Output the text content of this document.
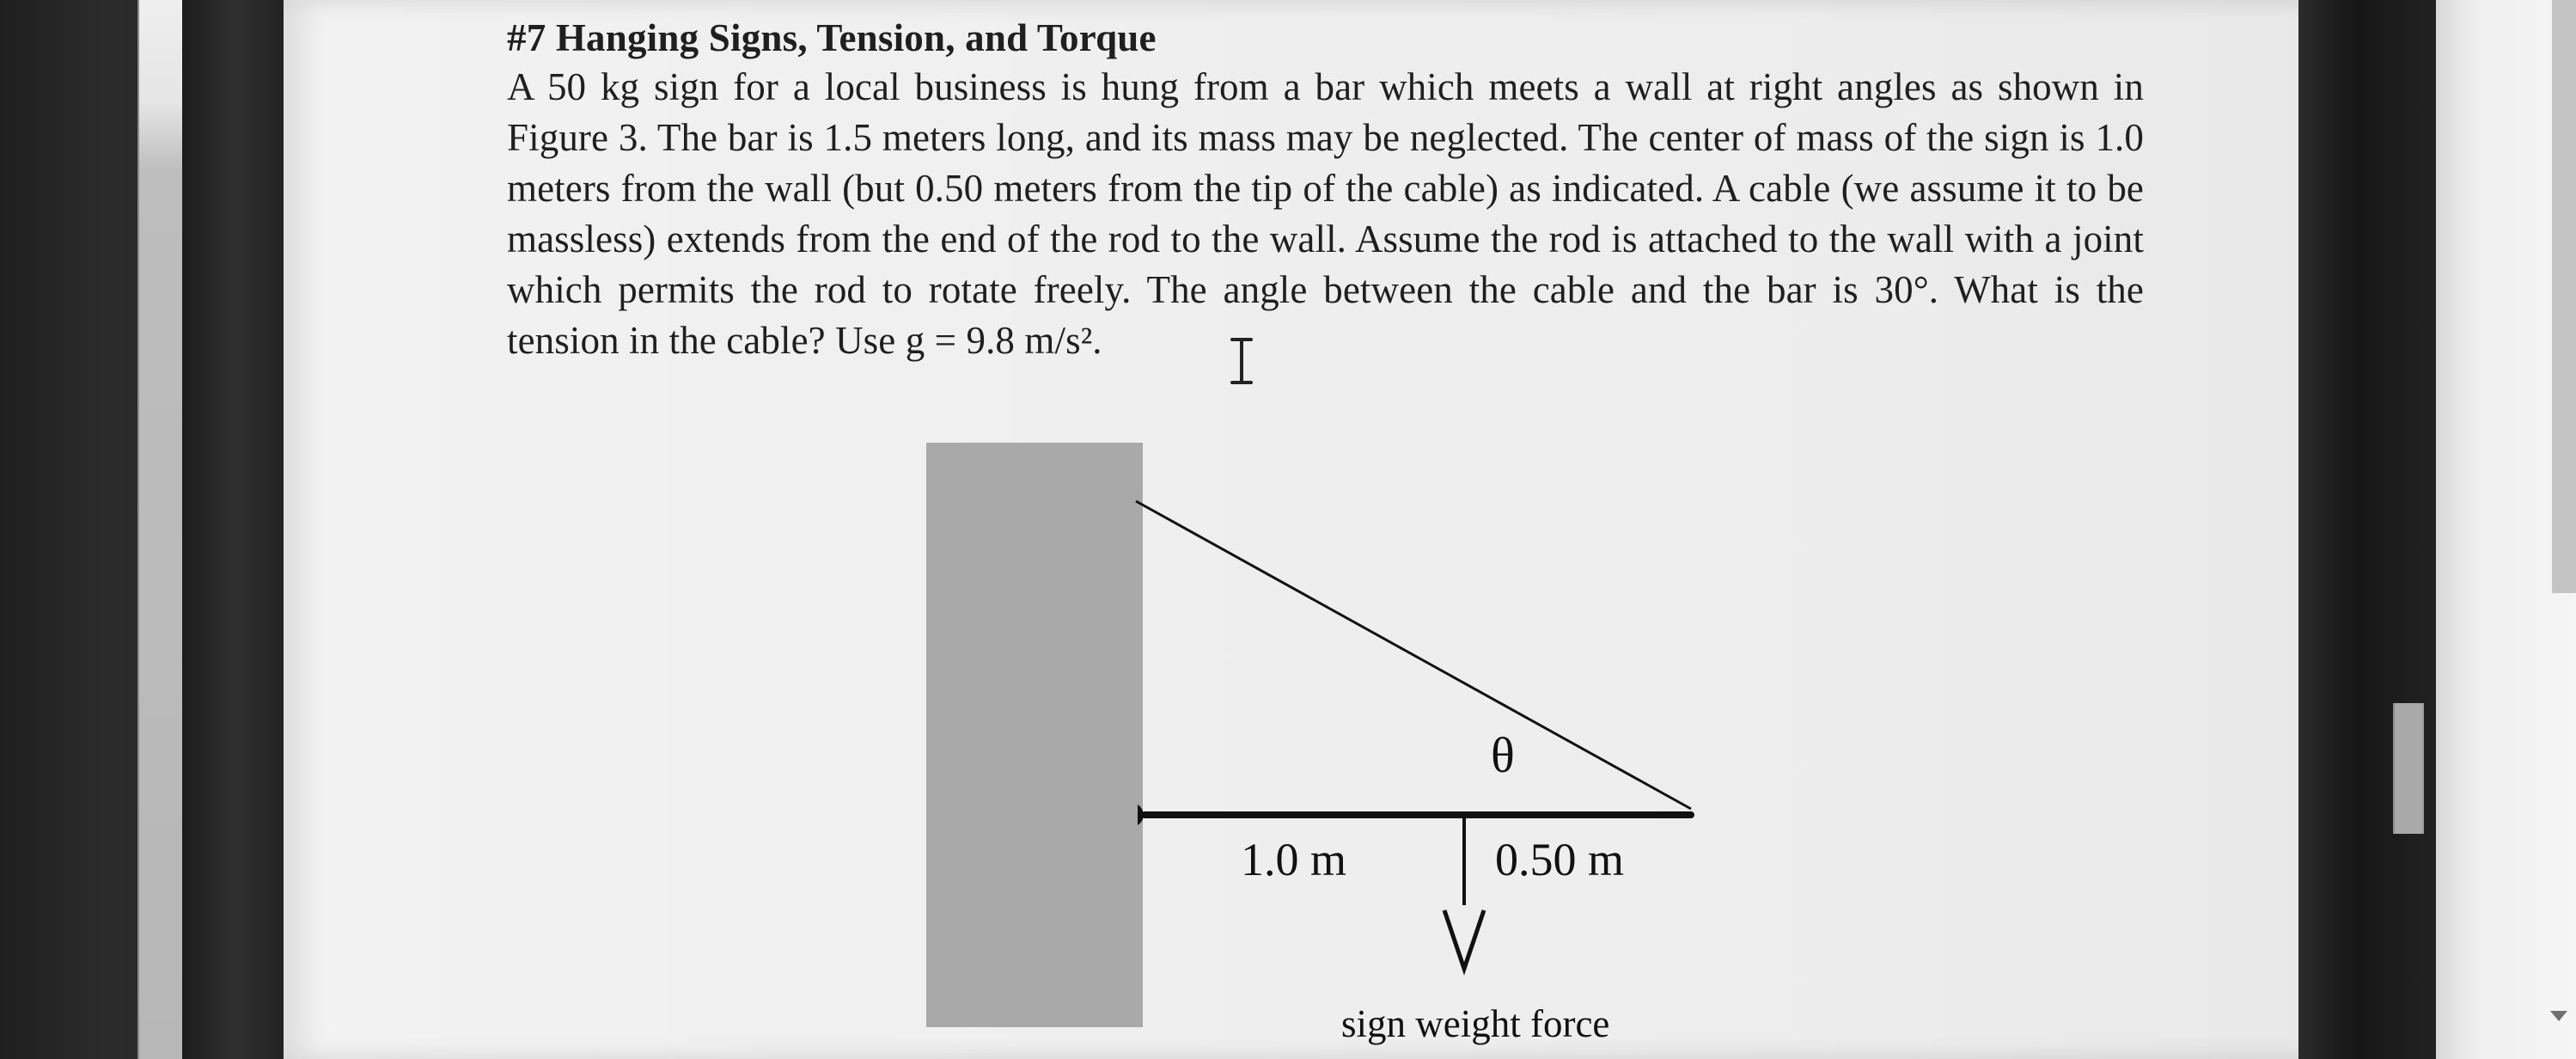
#7 Hanging Signs, Tension, and Torque

A 50 kg sign for a local business is hung from a bar which meets a wall at right angles as shown in Figure 3. The bar is 1.5 meters long, and its mass may be neglected. The center of mass of the sign is 1.0 meters from the wall (but 0.50 meters from the tip of the cable) as indicated. A cable (we assume it to be massless) extends from the end of the rod to the wall. Assume the rod is attached to the wall with a joint which permits the rod to rotate freely. The angle between the cable and the bar is 30°. What is the tension in the cable? Use g = 9.8 m/s².

θ
1.0 m	0.50 m
sign weight force
